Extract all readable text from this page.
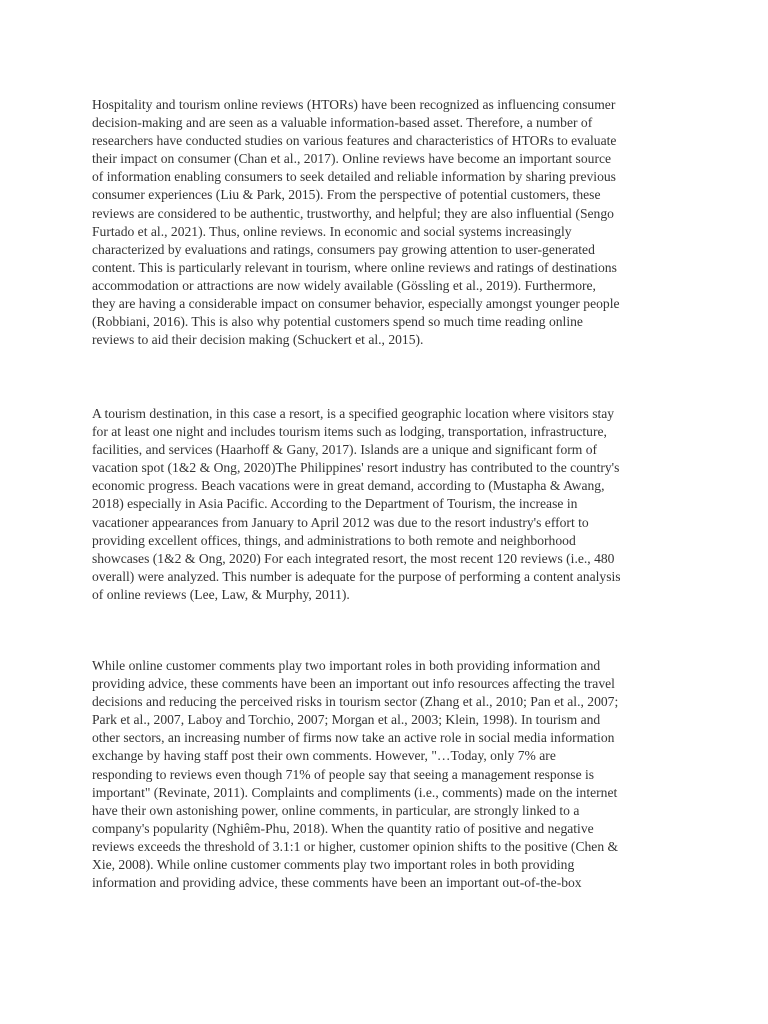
Hospitality and tourism online reviews (HTORs) have been recognized as influencing consumer
decision-making and are seen as a valuable information-based asset. Therefore, a number of
researchers have conducted studies on various features and characteristics of HTORs to evaluate
their impact on consumer (Chan et al., 2017). Online reviews have become an important source
of information enabling consumers to seek detailed and reliable information by sharing previous
consumer experiences (Liu & Park, 2015). From the perspective of potential customers, these
reviews are considered to be authentic, trustworthy, and helpful; they are also influential (Sengo
Furtado et al., 2021). Thus, online reviews. In economic and social systems increasingly
characterized by evaluations and ratings, consumers pay growing attention to user-generated
content. This is particularly relevant in tourism, where online reviews and ratings of destinations
accommodation or attractions are now widely available (Gössling et al., 2019). Furthermore,
they are having a considerable impact on consumer behavior, especially amongst younger people
(Robbiani, 2016). This is also why potential customers spend so much time reading online
reviews to aid their decision making (Schuckert et al., 2015).

A tourism destination, in this case a resort, is a specified geographic location where visitors stay
for at least one night and includes tourism items such as lodging, transportation, infrastructure,
facilities, and services (Haarhoff & Gany, 2017). Islands are a unique and significant form of
vacation spot (1&2 & Ong, 2020)The Philippines' resort industry has contributed to the country's
economic progress. Beach vacations were in great demand, according to (Mustapha & Awang,
2018) especially in Asia Pacific. According to the Department of Tourism, the increase in
vacationer appearances from January to April 2012 was due to the resort industry's effort to
providing excellent offices, things, and administrations to both remote and neighborhood
showcases (1&2 & Ong, 2020) For each integrated resort, the most recent 120 reviews (i.e., 480
overall) were analyzed. This number is adequate for the purpose of performing a content analysis
of online reviews (Lee, Law, & Murphy, 2011).

While online customer comments play two important roles in both providing information and
providing advice, these comments have been an important out info resources affecting the travel
decisions and reducing the perceived risks in tourism sector (Zhang et al., 2010; Pan et al., 2007;
Park et al., 2007, Laboy and Torchio, 2007; Morgan et al., 2003; Klein, 1998). In tourism and
other sectors, an increasing number of firms now take an active role in social media information
exchange by having staff post their own comments. However, "…Today, only 7% are
responding to reviews even though 71% of people say that seeing a management response is
important" (Revinate, 2011). Complaints and compliments (i.e., comments) made on the internet
have their own astonishing power, online comments, in particular, are strongly linked to a
company's popularity (Nghiêm-Phu, 2018). When the quantity ratio of positive and negative
reviews exceeds the threshold of 3.1:1 or higher, customer opinion shifts to the positive (Chen &
Xie, 2008). While online customer comments play two important roles in both providing
information and providing advice, these comments have been an important out-of-the-box
